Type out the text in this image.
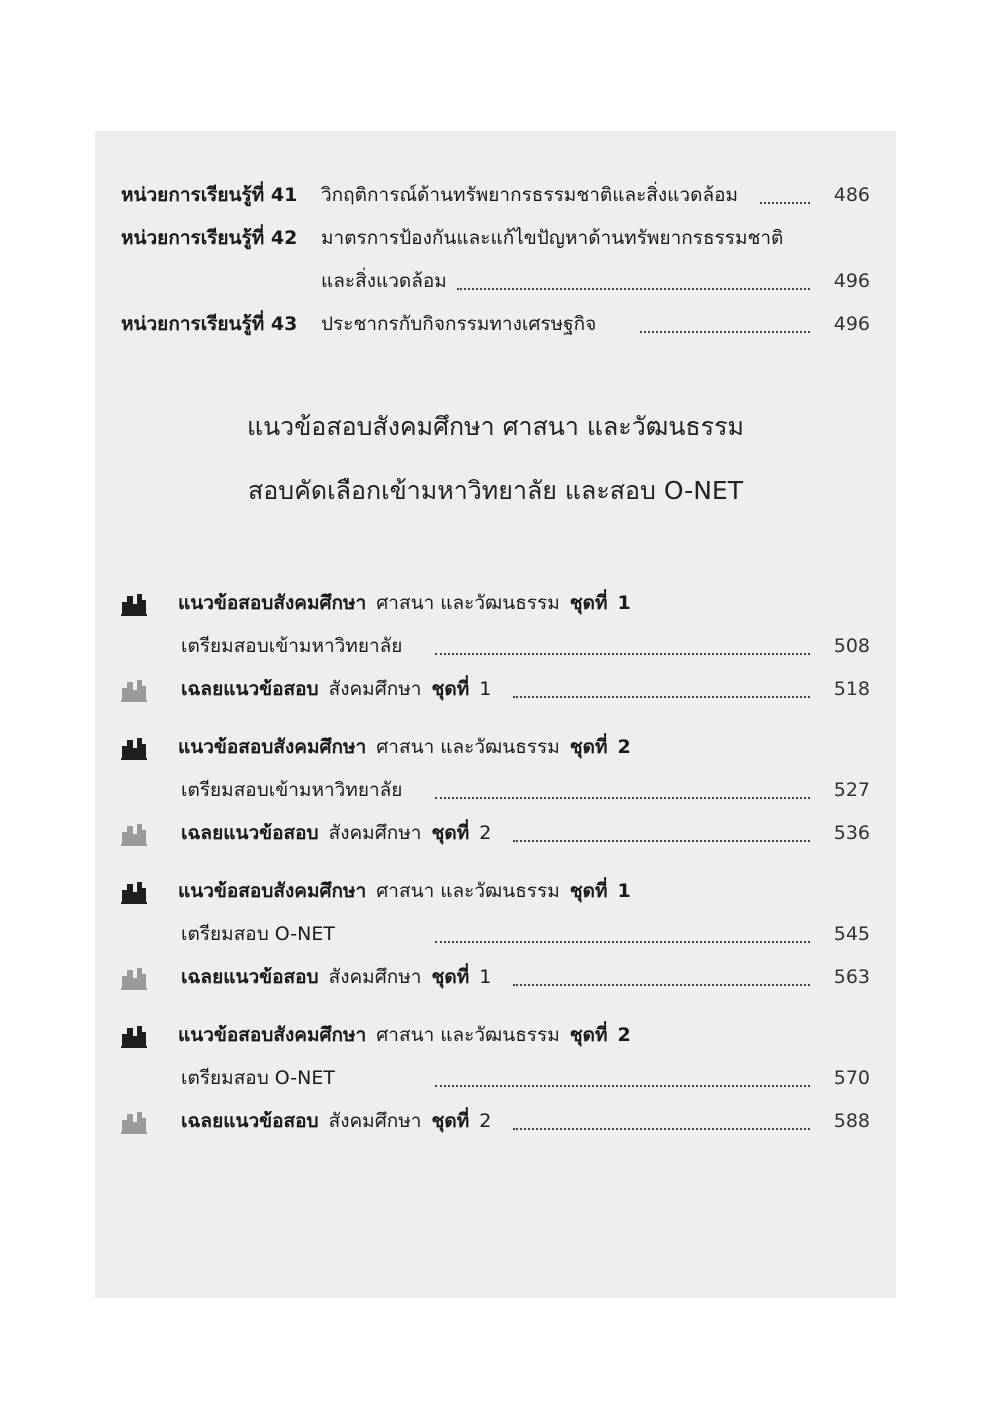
หน่วยการเรียนรู้ที่ 41 วิกฤติการณ์ด้านทรัพยากรธรรมชาติและสิ่งแวดล้อม	486
หน่วยการเรียนรู้ที่ 42 มาตรการป้องกันและแก้ไขปัญหาด้านทรัพยากรธรรมชาติ
และสิ่งแวดล้อม	496
หน่วยการเรียนรู้ที่ 43 ประชากรกับกิจกรรมทางเศรษฐกิจ	496
แนวข้อสอบสังคมศึกษา ศาสนา และวัฒนธรรม
สอบคัดเลือกเข้ามหาวิทยาลัย และสอบ O-NET
แนวข้อสอบสังคมศึกษา ศาสนา และวัฒนธรรม ชุดที่ 1
เตรียมสอบเข้ามหาวิทยาลัย	508
เฉลยแนวข้อสอบ สังคมศึกษา ชุดที่ 1	518
แนวข้อสอบสังคมศึกษา ศาสนา และวัฒนธรรม ชุดที่ 2
เตรียมสอบเข้ามหาวิทยาลัย	527
เฉลยแนวข้อสอบ สังคมศึกษา ชุดที่ 2	536
แนวข้อสอบสังคมศึกษา ศาสนา และวัฒนธรรม ชุดที่ 1
เตรียมสอบ O-NET	545
เฉลยแนวข้อสอบ สังคมศึกษา ชุดที่ 1	563
แนวข้อสอบสังคมศึกษา ศาสนา และวัฒนธรรม ชุดที่ 2
เตรียมสอบ O-NET	570
เฉลยแนวข้อสอบ สังคมศึกษา ชุดที่ 2	588
